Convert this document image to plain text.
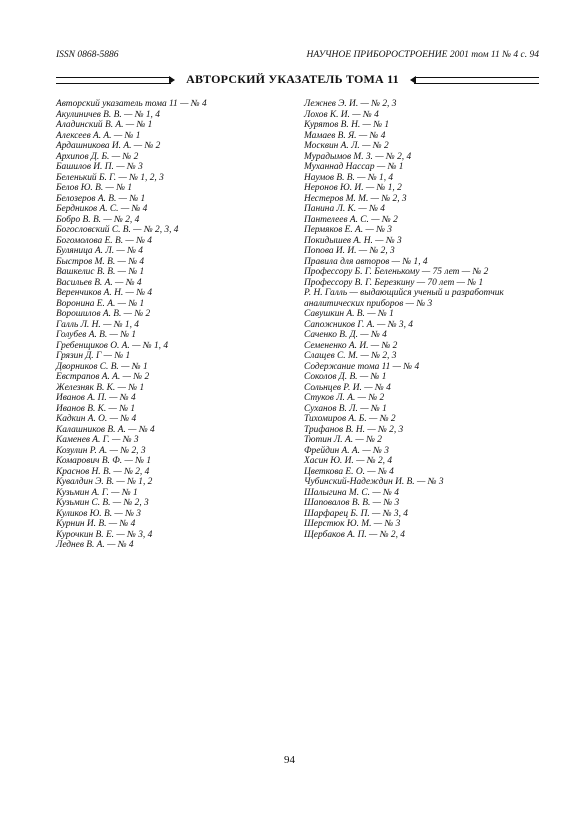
ISSN 0868-5886	НАУЧНОЕ ПРИБОРОСТРОЕНИЕ 2001 том 11 № 4 с. 94
АВТОРСКИЙ УКАЗАТЕЛЬ ТОМА 11
Авторский указатель тома 11 — № 4
Акулиничев В. В. — № 1, 4
Аладинский В. А. — № 1
Алексеев А. А. — № 1
Ардашникова И. А. — № 2
Архипов Д. Б. — № 2
Башилов И. П. — № 3
Беленький Б. Г. — № 1, 2, 3
Белов Ю. В. — № 1
Белозеров А. В. — № 1
Бердников А. С. — № 4
Бобро В. В. — № 2, 4
Богословский С. В. — № 2, 3, 4
Богомолова Е. В. — № 4
Буляница А. Л. — № 4
Быстров М. В. — № 4
Вашкелис В. В. — № 1
Васильев В. А. — № 4
Веренчиков А. Н. — № 4
Воронина Е. А. — № 1
Ворошилов А. В. — № 2
Галль Л. Н. — № 1, 4
Голубев А. В. — № 1
Гребенщиков О. А. — № 1, 4
Грязин Д. Г — № 1
Дворников С. В. — № 1
Евстрапов А. А. — № 2
Железняк В. К. — № 1
Иванов А. П. — № 4
Иванов В. К. — № 1
Кадкин А. О. — № 4
Калашников В. А. — № 4
Каменев А. Г. — № 3
Козулин Р. А. — № 2, 3
Комарович В. Ф. — № 1
Краснов Н. В. — № 2, 4
Кувалдин Э. В. — № 1, 2
Кузьмин А. Г. — № 1
Кузьмин С. В. — № 2, 3
Куликов Ю. В. — № 3
Курнин И. В. — № 4
Курочкин В. Е. — № 3, 4
Леднев В. А. — № 4
Лежнев Э. И. — № 2, 3
Лохов К. И. — № 4
Курятов В. Н. — № 1
Мамаев В. Я. — № 4
Москвин А. Л. — № 2
Мурадымов М. З. — № 2, 4
Муханнад Нассар — № 1
Наумов В. В. — № 1, 4
Неронов Ю. И. — № 1, 2
Нестеров М. М. — № 2, 3
Панина Л. К. — № 4
Пантелеев А. С. — № 2
Пермяков Е. А. — № 3
Покидышев А. Н. — № 3
Попова И. И. — № 2, 3
Правила для авторов — № 1, 4
Профессору Б. Г. Беленькому — 75 лет — № 2
Профессору В. Г. Березкину — 70 лет — № 1
Р. Н. Галль — выдающийся ученый и разработчик аналитических приборов — № 3
Савушкин А. В. — № 1
Сапожников Г. А. — № 3, 4
Саченко В. Д. — № 4
Семененко А. И. — № 2
Слащев С. М. — № 2, 3
Содержание тома 11 — № 4
Соколов Д. В. — № 1
Сольнцев Р. И. — № 4
Стуков Л. А. — № 2
Суханов В. Л. — № 1
Тихомиров А. Б. — № 2
Трифанов В. Н. — № 2, 3
Тютин Л. А. — № 2
Фрейдин А. А. — № 3
Хасин Ю. И. — № 2, 4
Цветкова Е. О. — № 4
Чубинский-Надеждин И. В. — № 3
Шалыгина М. С. — № 4
Шаповалов В. В. — № 3
Шарфарец Б. П. — № 3, 4
Шерстюк Ю. М. — № 3
Щербаков А. П. — № 2, 4
94
